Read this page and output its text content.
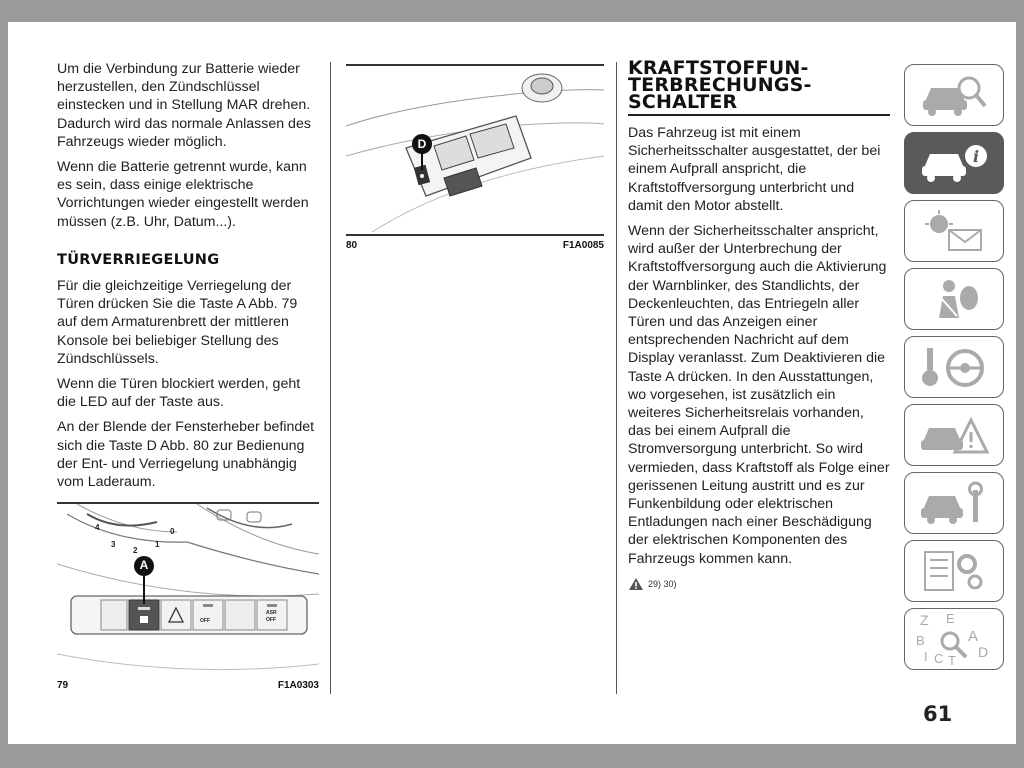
Um die Verbindung zur Batterie wieder herzustellen, den Zündschlüssel einstecken und in Stellung MAR drehen. Dadurch wird das normale Anlassen des Fahrzeugs wieder möglich.

Wenn die Batterie getrennt wurde, kann es sein, dass einige elektrische Vorrichtungen wieder eingestellt werden müssen (z.B. Uhr, Datum...).

TÜRVERRIEGELUNG

Für die gleichzeitige Verriegelung der Türen drücken Sie die Taste A Abb. 79 auf dem Armaturenbrett der mittleren Konsole bei beliebiger Stellung des Zündschlüssels.

Wenn die Türen blockiert werden, geht die LED auf der Taste aus.

An der Blende der Fensterheber befindet sich die Taste D Abb. 80 zur Bedienung der Ent- und Verriegelung unabhängig vom Laderaum.

4
3
2
1
0
A
OFF
ASR
OFF
79	F1A0303
D
80	F1A0085
KRAFTSTOFFUN-
TERBRECHUNGS-
SCHALTER

Das Fahrzeug ist mit einem Sicherheitsschalter ausgestattet, der bei einem Aufprall anspricht, die Kraftstoffversorgung unterbricht und damit den Motor abstellt.

Wenn der Sicherheitsschalter anspricht, wird außer der Unterbrechung der Kraftstoffversorgung auch die Aktivierung der Warnblinker, des Standlichts, der Deckenleuchten, das Entriegeln aller Türen und das Anzeigen einer entsprechenden Nachricht auf dem Display veranlasst. Zum Deaktivieren die Taste A drücken. In den Ausstattungen, wo vorgesehen, ist zusätzlich ein weiteres Sicherheitsrelais vorhanden, das bei einem Aufprall die Stromversorgung unterbricht. So wird vermieden, dass Kraftstoff als Folge einer gerissenen Leitung austritt und es zur Funkenbildung oder elektrischen Entladungen nach einer Beschädigung der elektrischen Komponenten des Fahrzeugs kommen kann.

29) 30)
i
Z E
B	A
I C T
D
61
